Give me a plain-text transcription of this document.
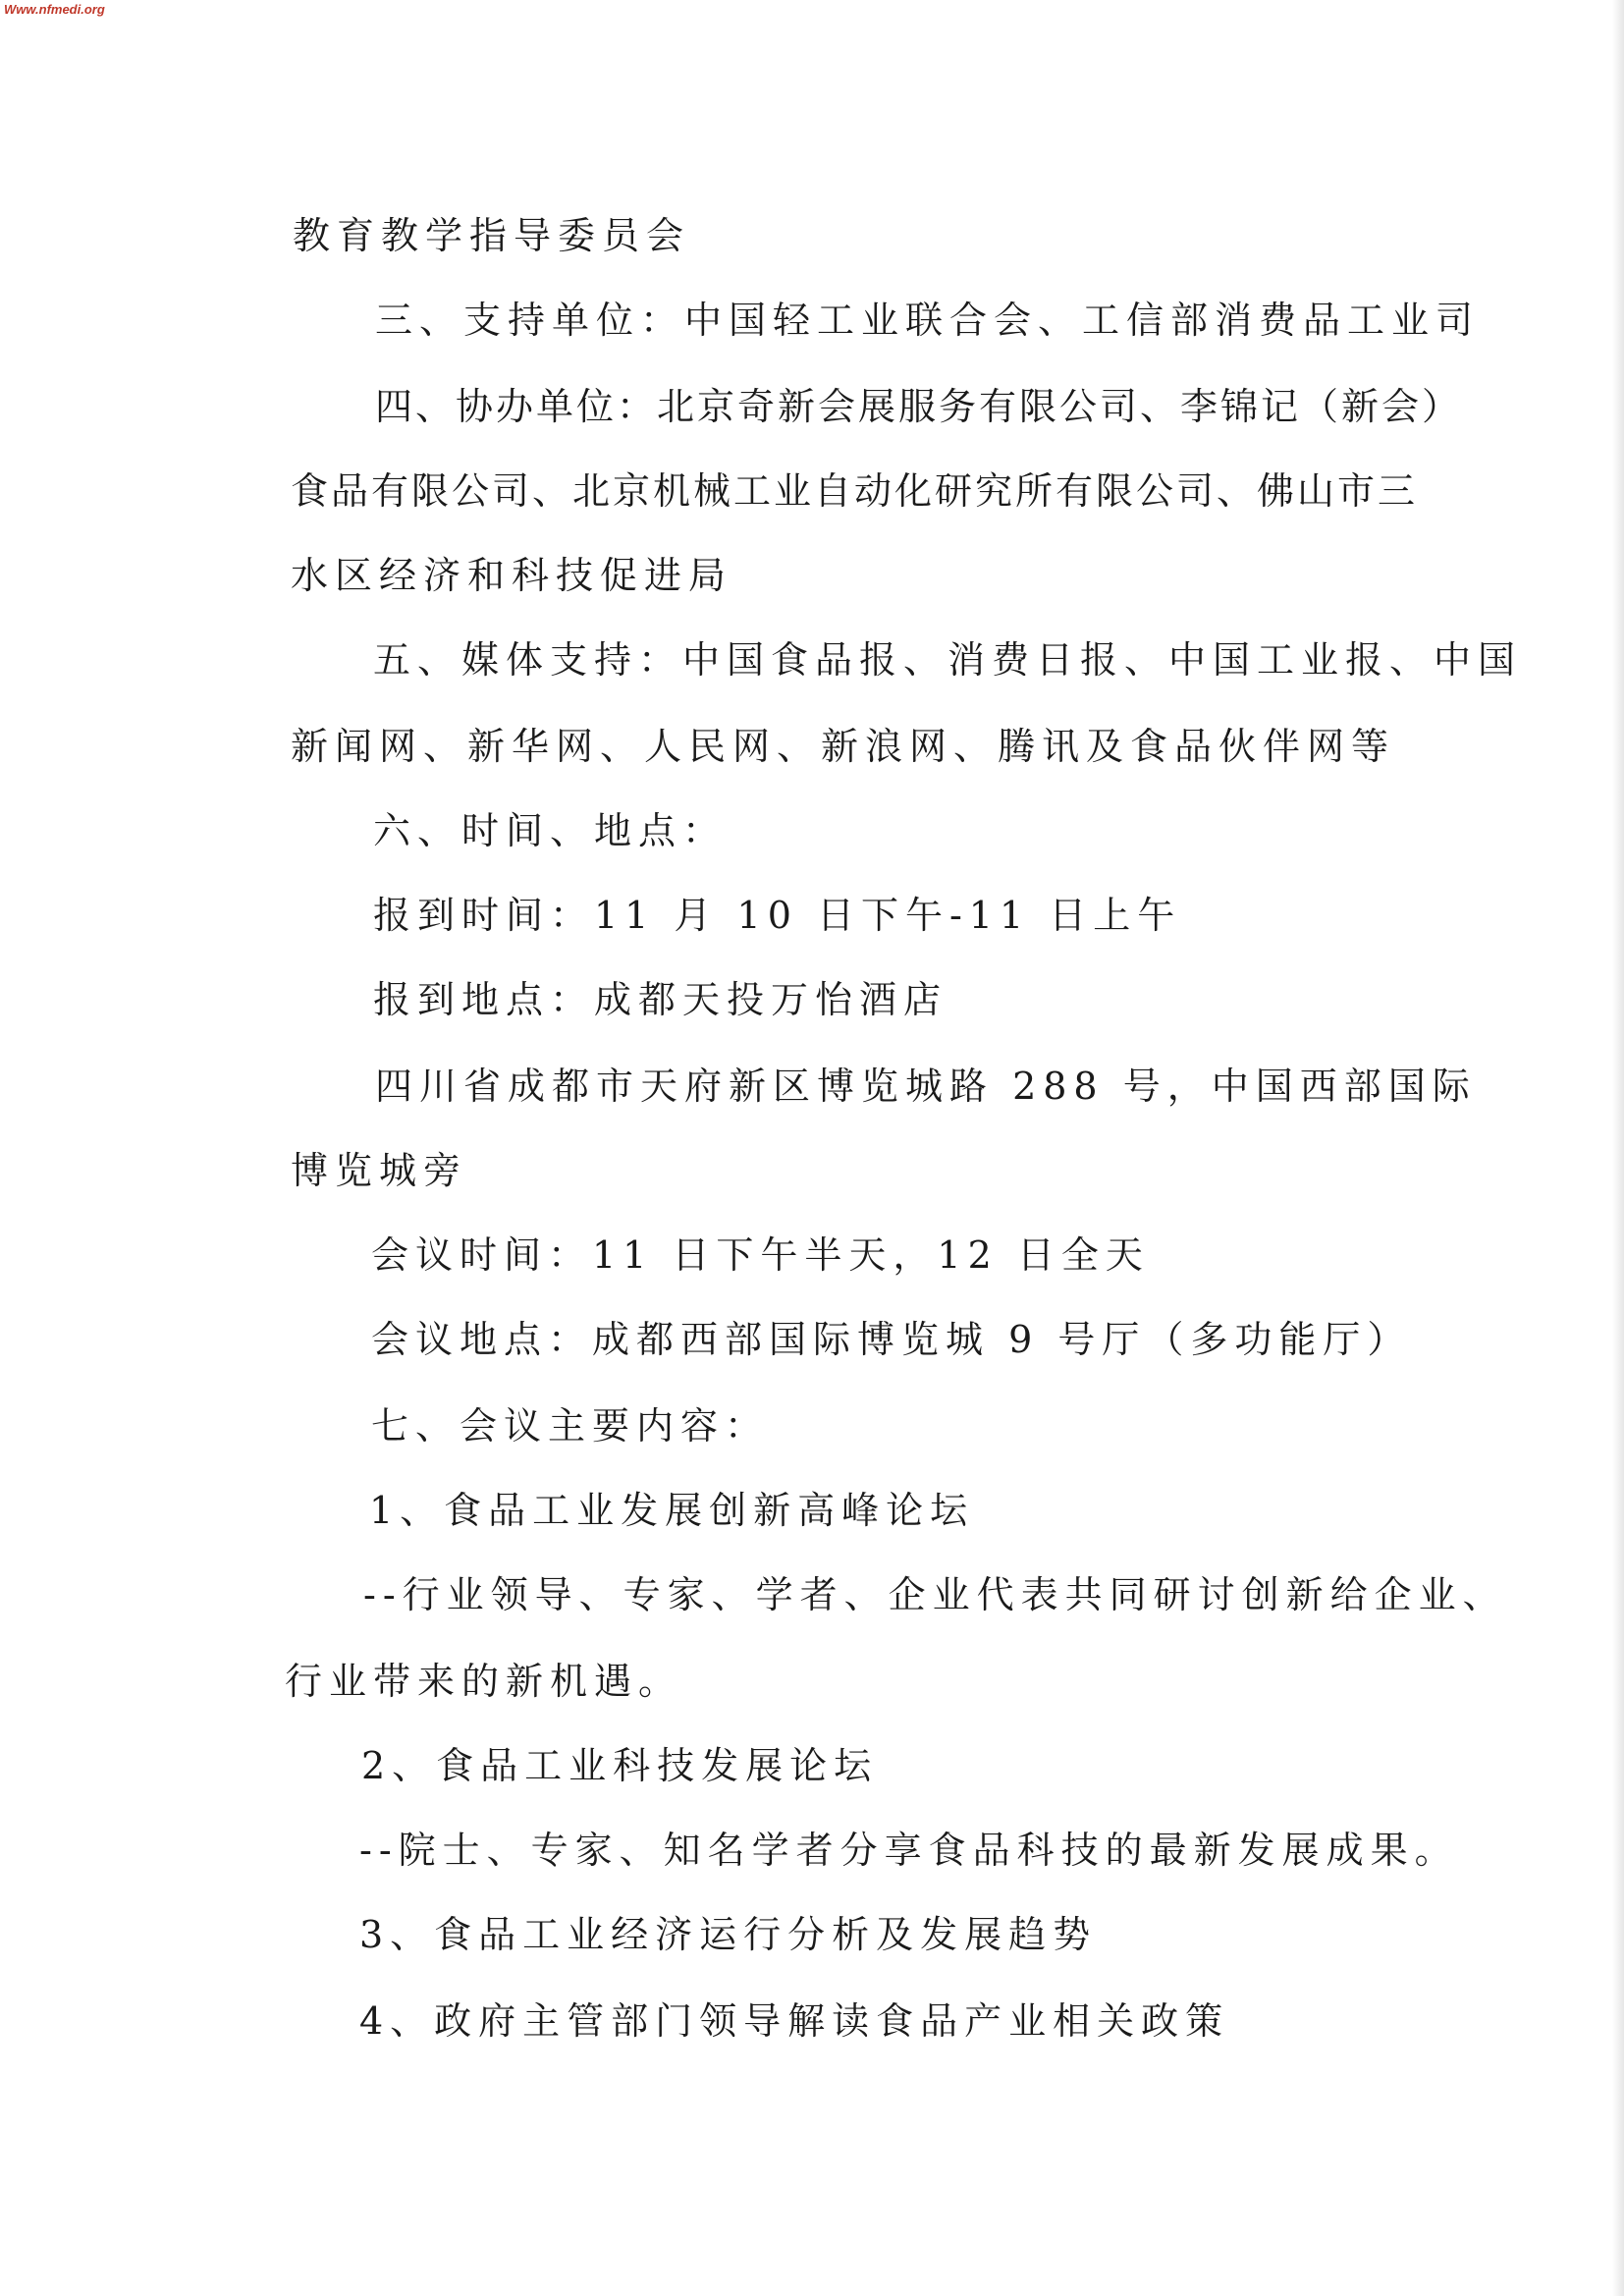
Www.nfmedi.org
教育教学指导委员会
三、支持单位：中国轻工业联合会、工信部消费品工业司
四、协办单位：北京奇新会展服务有限公司、李锦记（新会）
食品有限公司、北京机械工业自动化研究所有限公司、佛山市三
水区经济和科技促进局
五、媒体支持：中国食品报、消费日报、中国工业报、中国
新闻网、新华网、人民网、新浪网、腾讯及食品伙伴网等
六、时间、地点：
报到时间：11 月 10 日下午-11 日上午
报到地点：成都天投万怡酒店
四川省成都市天府新区博览城路 288 号，中国西部国际
博览城旁
会议时间：11 日下午半天，12 日全天
会议地点：成都西部国际博览城 9 号厅（多功能厅）
七、会议主要内容：
1、食品工业发展创新高峰论坛
--行业领导、专家、学者、企业代表共同研讨创新给企业、
行业带来的新机遇。
2、食品工业科技发展论坛
--院士、专家、知名学者分享食品科技的最新发展成果。
3、食品工业经济运行分析及发展趋势
4、政府主管部门领导解读食品产业相关政策
